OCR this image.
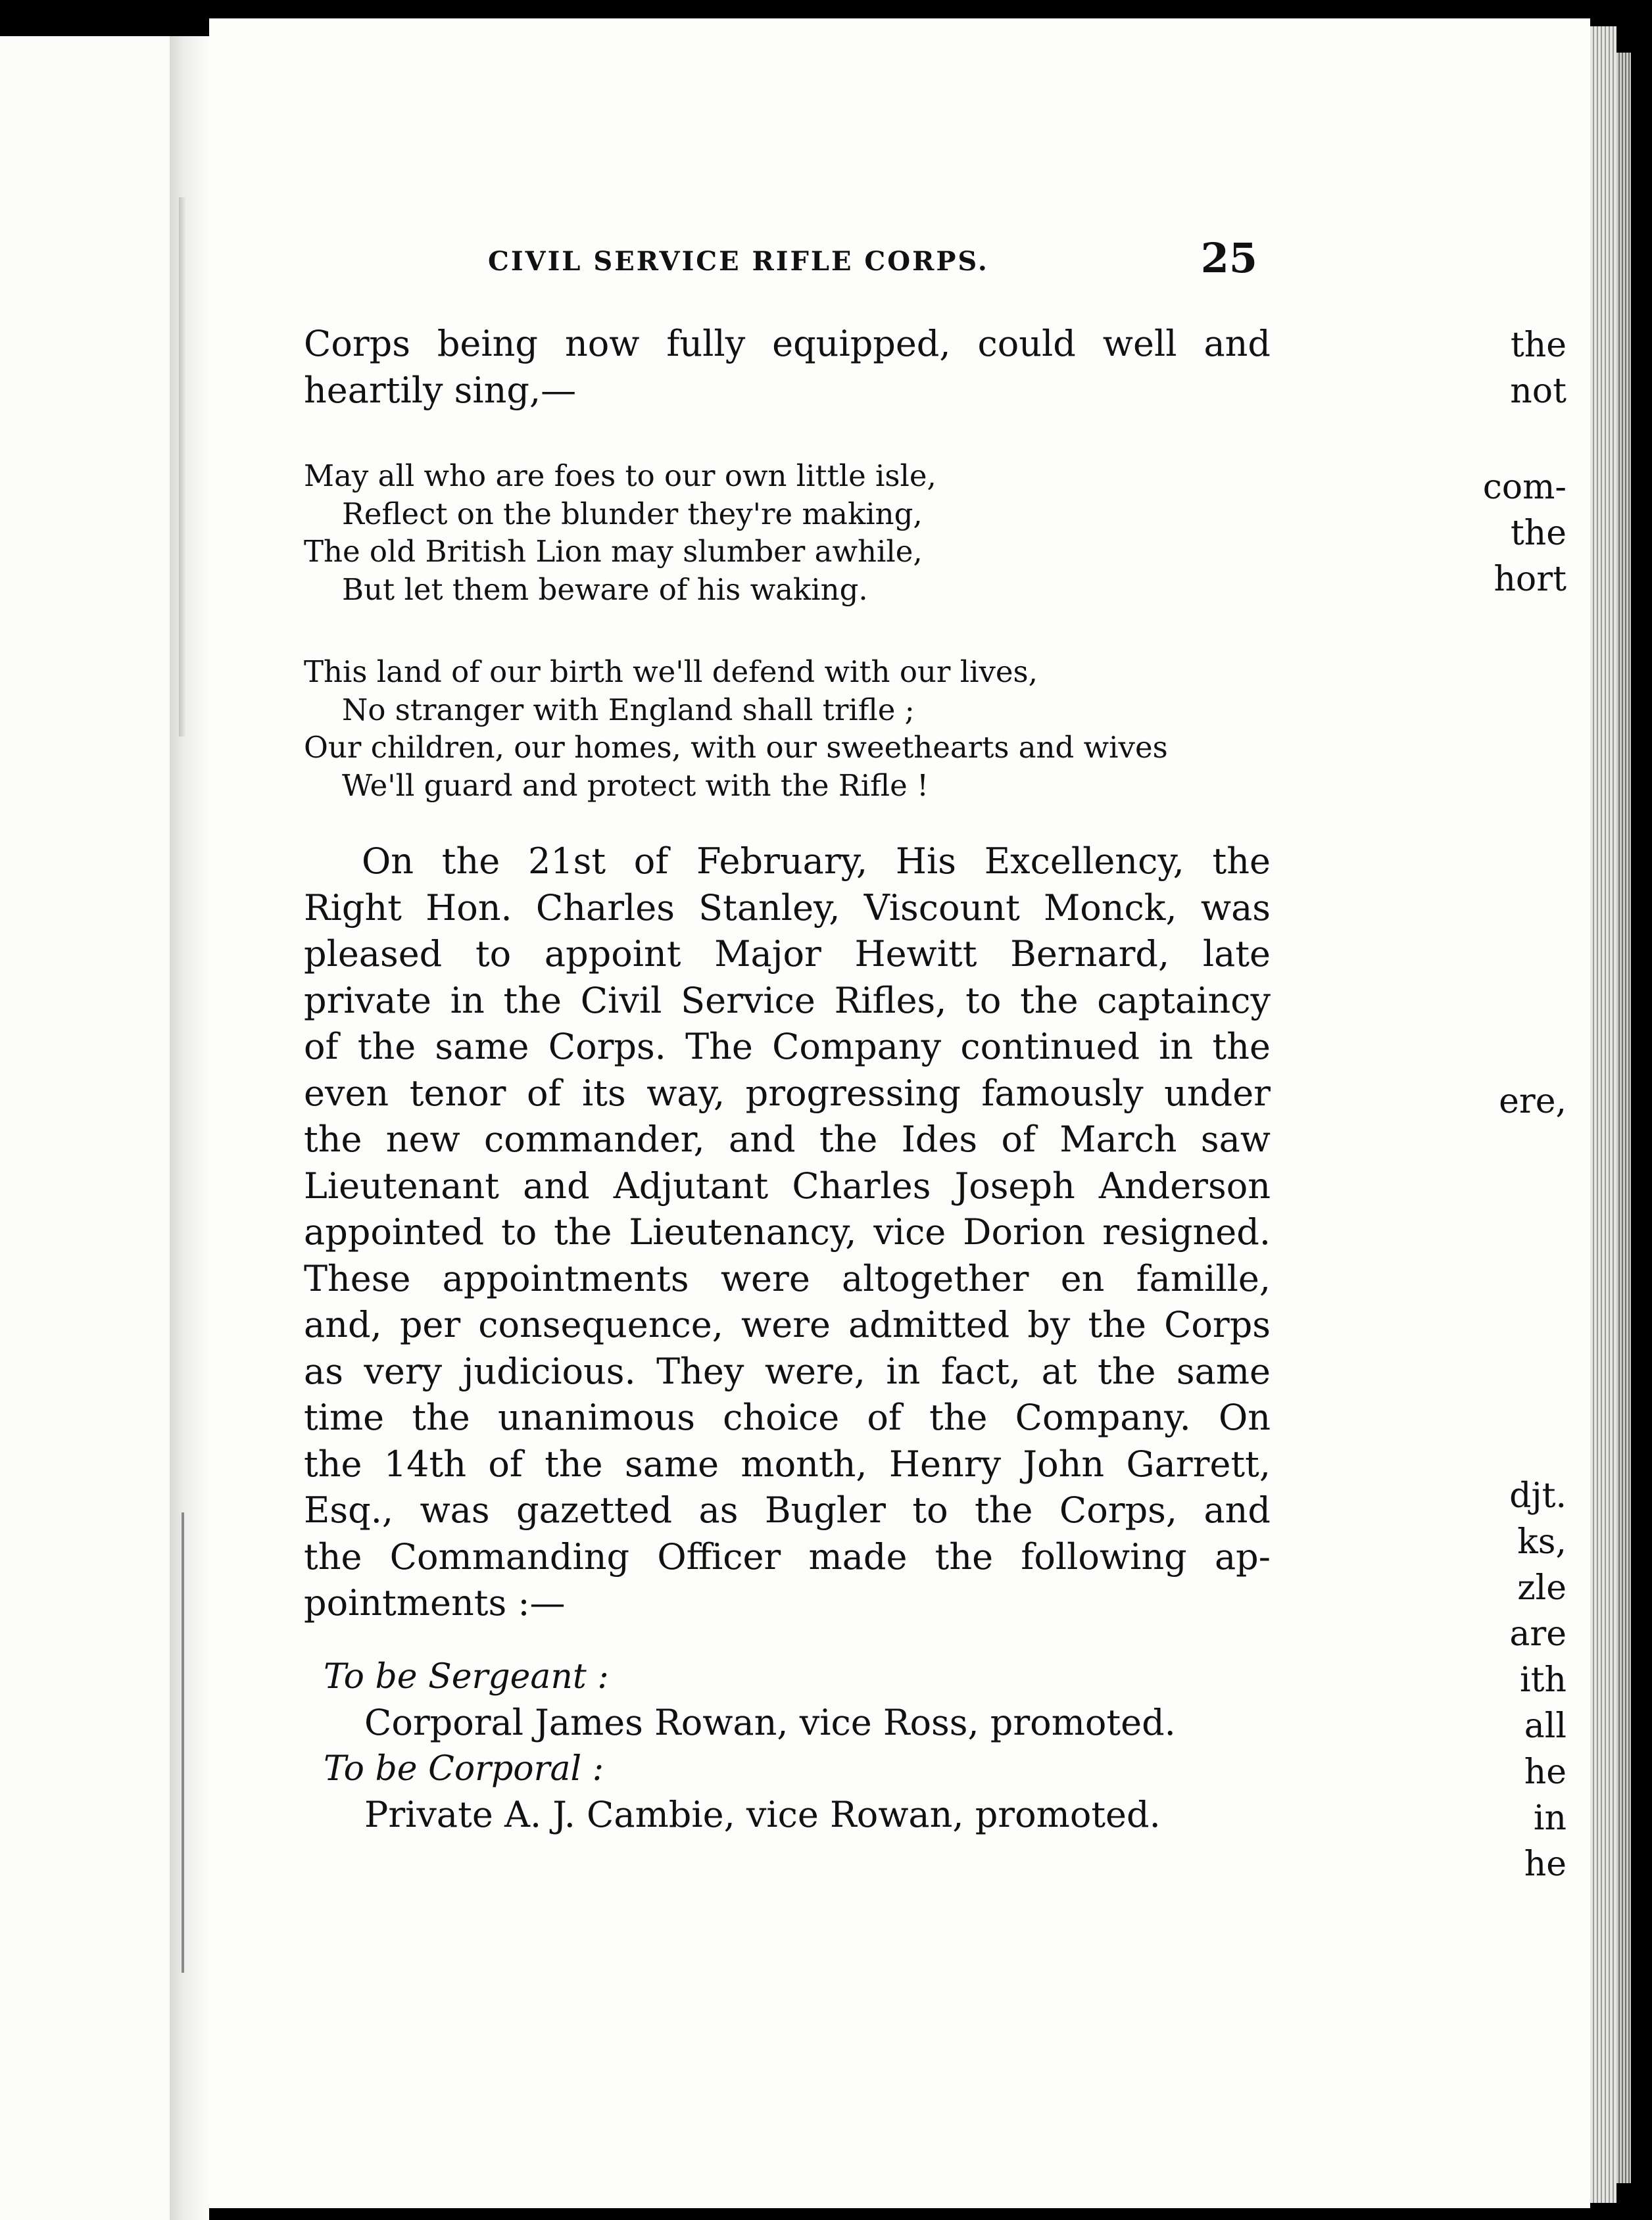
the
not
com-
the
hort
ere,
djt.
ks,
zle
are
ith
all
he
in
he
CIVIL SERVICE RIFLE CORPS.	25

Corps being now fully equipped, could well and
heartily sing,—

May all who are foes to our own little isle,
Reflect on the blunder they're making,
The old British Lion may slumber awhile,
But let them beware of his waking.

This land of our birth we'll defend with our lives,
No stranger with England shall trifle ;
Our children, our homes, with our sweethearts and wives
We'll guard and protect with the Rifle !

On the 21st of February, His Excellency, the
Right Hon. Charles Stanley, Viscount Monck, was
pleased to appoint Major Hewitt Bernard, late
private in the Civil Service Rifles, to the captaincy
of the same Corps. The Company continued in the
even tenor of its way, progressing famously under
the new commander, and the Ides of March saw
Lieutenant and Adjutant Charles Joseph Anderson
appointed to the Lieutenancy, vice Dorion resigned.
These appointments were altogether en famille,
and, per consequence, were admitted by the Corps
as very judicious. They were, in fact, at the same
time the unanimous choice of the Company. On
the 14th of the same month, Henry John Garrett,
Esq., was gazetted as Bugler to the Corps, and
the Commanding Officer made the following ap-
pointments :—

To be Sergeant :
Corporal James Rowan, vice Ross, promoted.
To be Corporal :
Private A. J. Cambie, vice Rowan, promoted.
